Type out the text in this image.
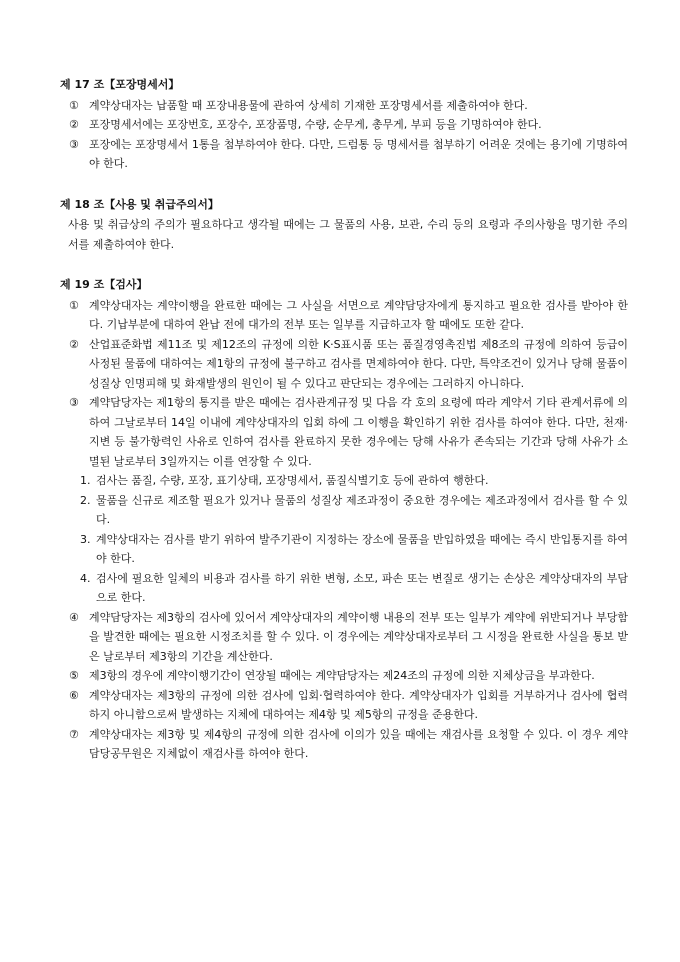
제 17 조【포장명세서】
① 계약상대자는 납품할 때 포장내용물에 관하여 상세히 기재한 포장명세서를 제출하여야 한다.
② 포장명세서에는 포장번호, 포장수, 포장품명, 수량, 순무게, 총무게, 부피 등을 기명하여야 한다.
③ 포장에는 포장명세서 1통을 첨부하여야 한다. 다만, 드럼통 등 명세서를 첨부하기 어려운 것에는 용기에 기명하여야 한다.
제 18 조【사용 및 취급주의서】
사용 및 취급상의 주의가 필요하다고 생각될 때에는 그 물품의 사용, 보관, 수리 등의 요령과 주의사항을 명기한 주의서를 제출하여야 한다.
제 19 조【검사】
① 계약상대자는 계약이행을 완료한 때에는 그 사실을 서면으로 계약담당자에게 통지하고 필요한 검사를 받아야 한다. 기납부분에 대하여 완납 전에 대가의 전부 또는 일부를 지급하고자 할 때에도 또한 같다.
② 산업표준화법 제11조 및 제12조의 규정에 의한 K·S표시품 또는 품질경영촉진법 제8조의 규정에 의하여 등급이 사정된 물품에 대하여는 제1항의 규정에 불구하고 검사를 면제하여야 한다. 다만, 특약조건이 있거나 당해 물품이 성질상 인명피해 및 화재발생의 원인이 될 수 있다고 판단되는 경우에는 그러하지 아니하다.
③ 계약담당자는 제1항의 통지를 받은 때에는 검사관계규정 및 다음 각 호의 요령에 따라 계약서 기타 관계서류에 의하여 그날로부터 14일 이내에 계약상대자의 입회 하에 그 이행을 확인하기 위한 검사를 하여야 한다. 다만, 천재·지변 등 불가항력인 사유로 인하여 검사를 완료하지 못한 경우에는 당해 사유가 존속되는 기간과 당해 사유가 소멸된 날로부터 3일까지는 이를 연장할 수 있다.
1. 검사는 품질, 수량, 포장, 표기상태, 포장명세서, 품질식별기호 등에 관하여 행한다.
2. 물품을 신규로 제조할 필요가 있거나 물품의 성질상 제조과정이 중요한 경우에는 제조과정에서 검사를 할 수 있다.
3. 계약상대자는 검사를 받기 위하여 발주기관이 지정하는 장소에 물품을 반입하였을 때에는 즉시 반입통지를 하여야 한다.
4. 검사에 필요한 일체의 비용과 검사를 하기 위한 변형, 소모, 파손 또는 변질로 생기는 손상은 계약상대자의 부담으로 한다.
④ 계약담당자는 제3항의 검사에 있어서 계약상대자의 계약이행 내용의 전부 또는 일부가 계약에 위반되거나 부당함을 발견한 때에는 필요한 시정조치를 할 수 있다. 이 경우에는 계약상대자로부터 그 시정을 완료한 사실을 통보 받은 날로부터 제3항의 기간을 계산한다.
⑤ 제3항의 경우에 계약이행기간이 연장될 때에는 계약담당자는 제24조의 규정에 의한 지체상금을 부과한다.
⑥ 계약상대자는 제3항의 규정에 의한 검사에 입회·협력하여야 한다. 계약상대자가 입회를 거부하거나 검사에 협력하지 아니함으로써 발생하는 지체에 대하여는 제4항 및 제5항의 규정을 준용한다.
⑦ 계약상대자는 제3항 및 제4항의 규정에 의한 검사에 이의가 있을 때에는 재검사를 요청할 수 있다. 이 경우 계약담당공무원은 지체없이 재검사를 하여야 한다.
